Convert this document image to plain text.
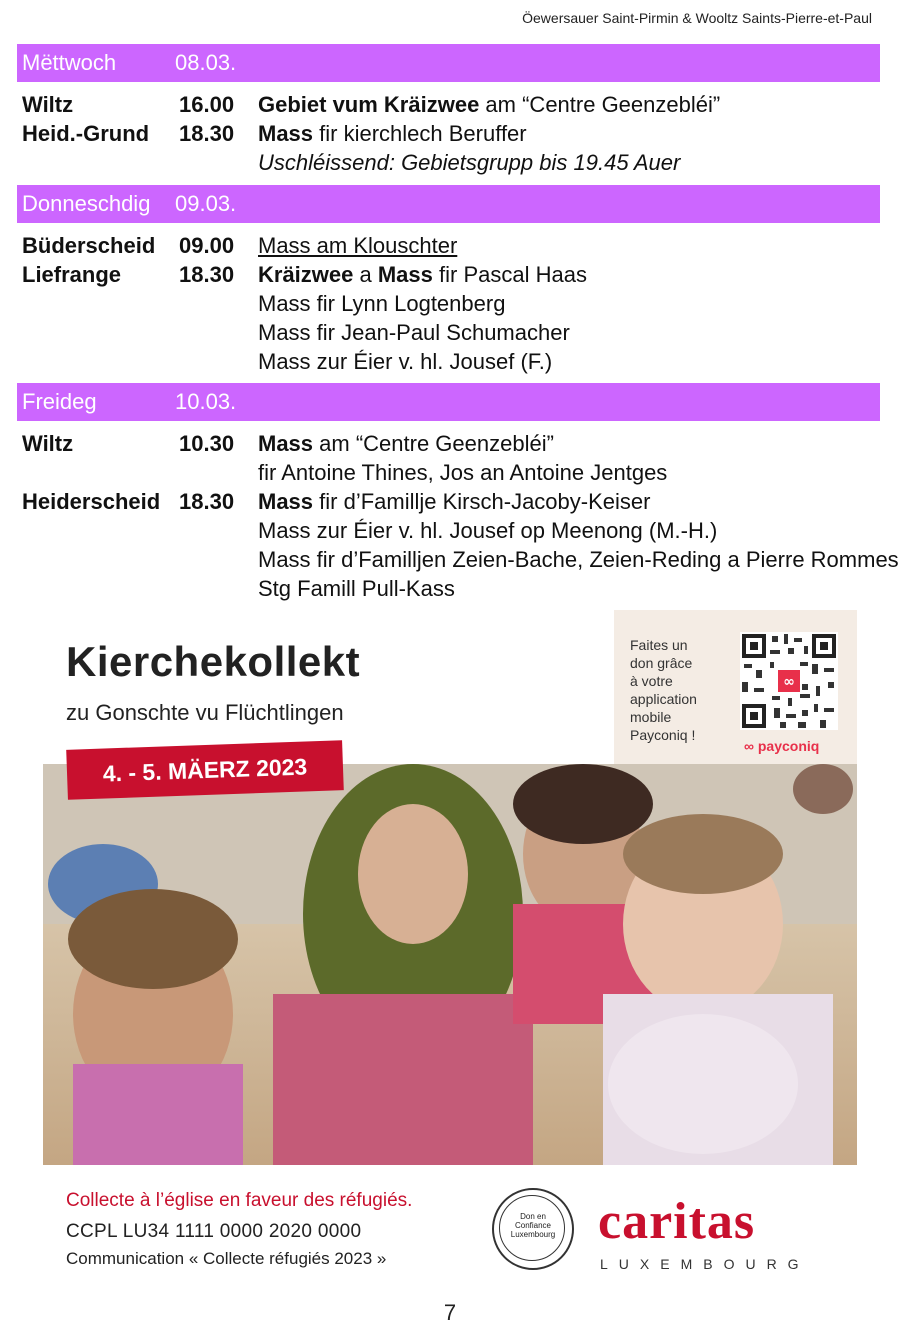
Öewersauer Saint-Pirmin & Wooltz Saints-Pierre-et-Paul
Mëttwoch	08.03.
Wiltz	16.00 Gebiet vum Kräizwee am “Centre Geenzebléi”
Heid.-Grund 18.30 Mass fir kierchlech Beruffer
Uschléissend: Gebietsgrupp bis 19.45 Auer
Donneschdig 09.03.
Büderscheid 09.00 Mass am Klouschter
Liefrange	18.30 Kräizwee a Mass fir Pascal Haas
Mass fir Lynn Logtenberg
Mass fir Jean-Paul Schumacher
Mass zur Éier v. hl. Jousef (F.)
Freideg	10.03.
Wiltz	10.30 Mass am “Centre Geenzebléi”
fir Antoine Thines, Jos an Antoine Jentges
Heiderscheid 18.30 Mass fir d’Famillje Kirsch-Jacoby-Keiser
Mass zur Éier v. hl. Jousef op Meenong (M.-H.)
Mass fir d’Familljen Zeien-Bache, Zeien-Reding a Pierre Rommes
Stg Famill Pull-Kass
Kierchekollekt
zu Gonschte vu Flüchtlingen
Faites un
don grâce
à votre
application
mobile
Payconiq !
∞
∞ payconiq
4. - 5. MÄERZ 2023
Collecte à l’église en faveur des réfugiés.
CCPL LU34 1111 0000 2020 0000
Communication « Collecte réfugiés 2023 »
Don en
Confiance
Luxembourg caritas
LUXEMBOURG
7
